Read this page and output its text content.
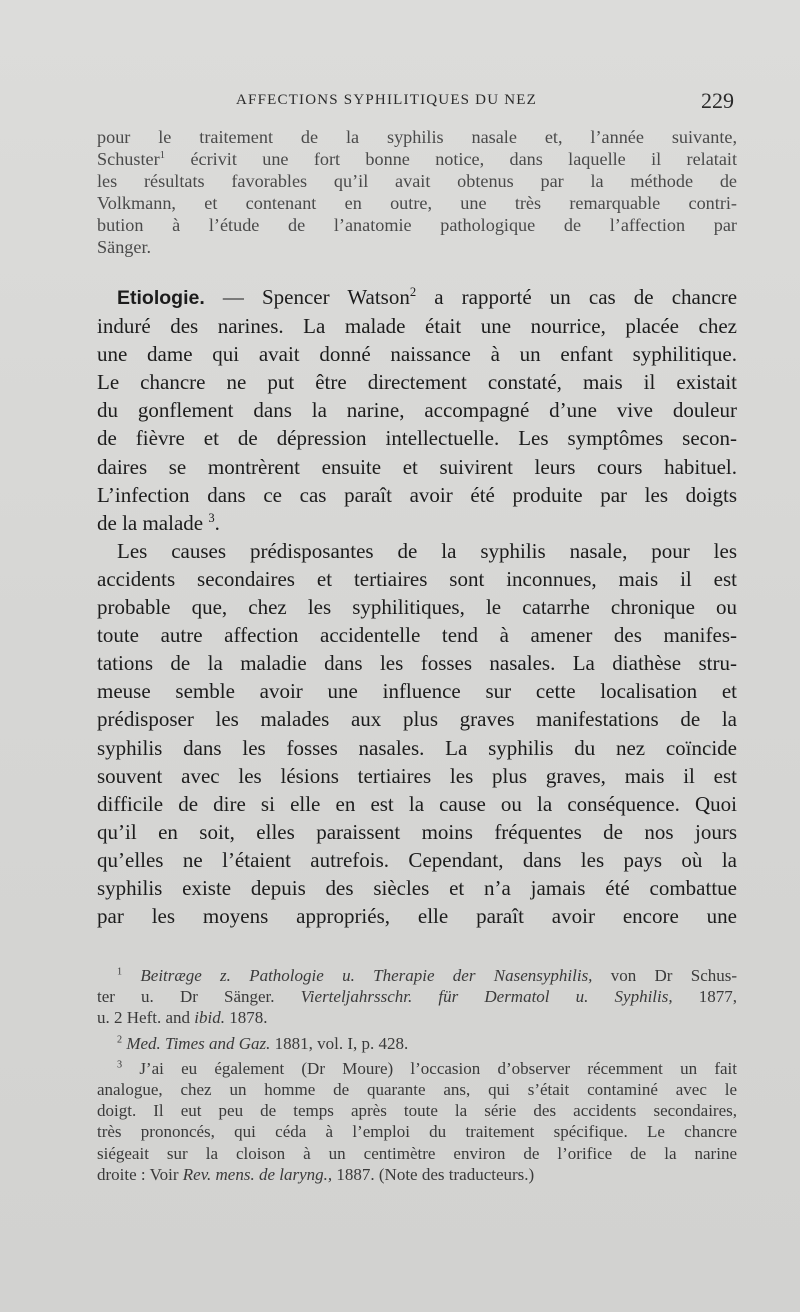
AFFECTIONS SYPHILITIQUES DU NEZ	229
pour le traitement de la syphilis nasale et, l’année suivante,
Schuster$^1$ écrivit une fort bonne notice, dans laquelle il relatait
les résultats favorables qu’il avait obtenus par la méthode de
Volkmann, et contenant en outre, une très remarquable contri-
bution à l’étude de l’anatomie pathologique de l’affection par
Sänger.
Etiologie. — Spencer Watson$^2$ a rapporté un cas de chancre
induré des narines. La malade était une nourrice, placée chez
une dame qui avait donné naissance à un enfant syphilitique.
Le chancre ne put être directement constaté, mais il existait
du gonflement dans la narine, accompagné d’une vive douleur
de fièvre et de dépression intellectuelle. Les symptômes secon-
daires se montrèrent ensuite et suivirent leurs cours habituel.
L’infection dans ce cas paraît avoir été produite par les doigts
de la malade $^3$.
Les causes prédisposantes de la syphilis nasale, pour les
accidents secondaires et tertiaires sont inconnues, mais il est
probable que, chez les syphilitiques, le catarrhe chronique ou
toute autre affection accidentelle tend à amener des manifes-
tations de la maladie dans les fosses nasales. La diathèse stru-
meuse semble avoir une influence sur cette localisation et
prédisposer les malades aux plus graves manifestations de la
syphilis dans les fosses nasales. La syphilis du nez coïncide
souvent avec les lésions tertiaires les plus graves, mais il est
difficile de dire si elle en est la cause ou la conséquence. Quoi
qu’il en soit, elles paraissent moins fréquentes de nos jours
qu’elles ne l’étaient autrefois. Cependant, dans les pays où la
syphilis existe depuis des siècles et n’a jamais été combattue
par les moyens appropriés, elle paraît avoir encore une
$^1$ Beitræge z. Pathologie u. Therapie der Nasensyphilis, von Dr Schus-
ter u. Dr Sänger. Vierteljahrsschr. für Dermatol u. Syphilis, 1877,
u. 2 Heft. and ibid. 1878.
$^2$ Med. Times and Gaz. 1881, vol. I, p. 428.
$^3$ J’ai eu également (Dr Moure) l’occasion d’observer récemment un fait
analogue, chez un homme de quarante ans, qui s’était contaminé avec le
doigt. Il eut peu de temps après toute la série des accidents secondaires,
très prononcés, qui céda à l’emploi du traitement spécifique. Le chancre
siégeait sur la cloison à un centimètre environ de l’orifice de la narine
droite : Voir Rev. mens. de laryng., 1887. (Note des traducteurs.)
